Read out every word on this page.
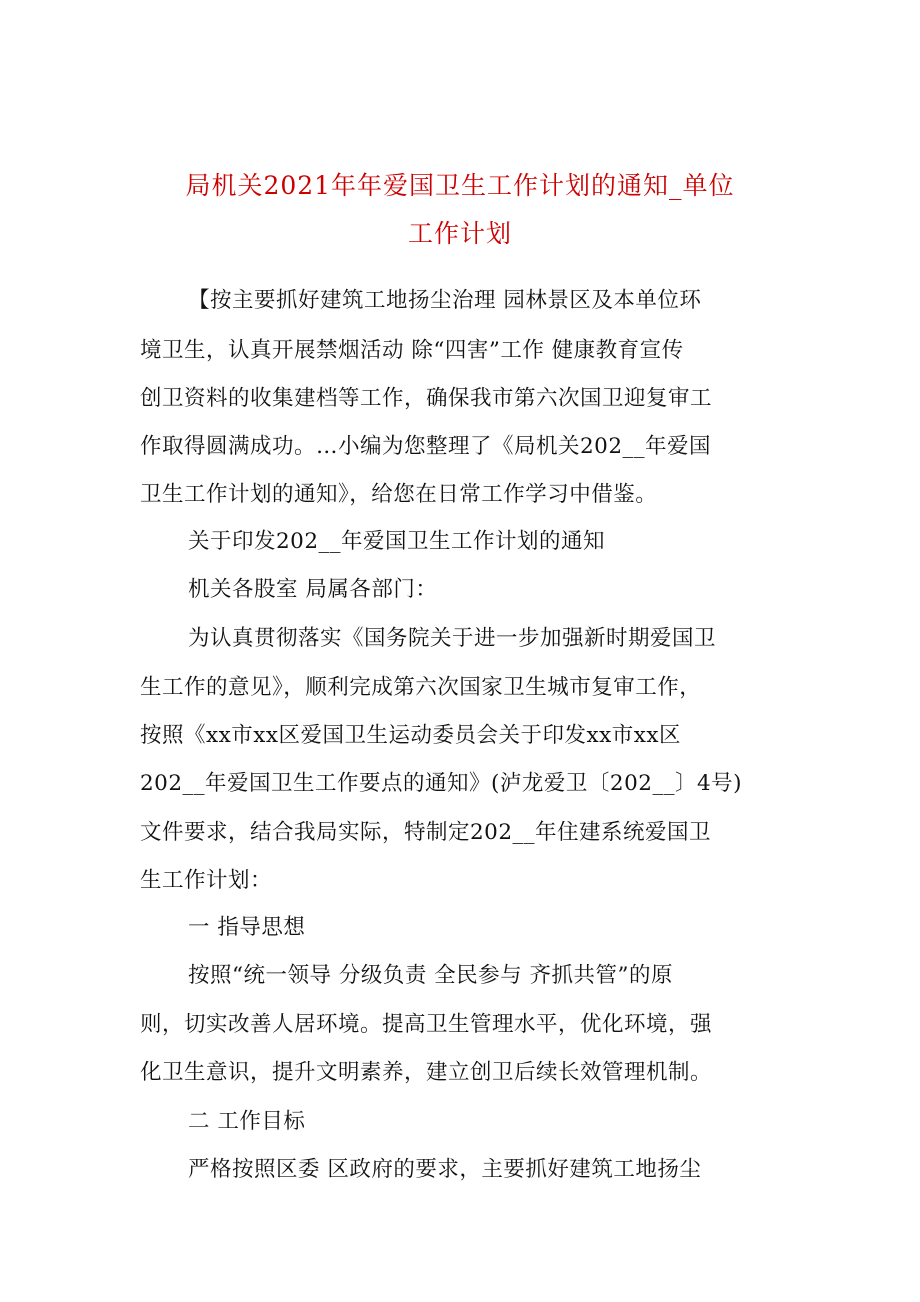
局机关2021年年爱国卫生工作计划的通知_单位
工作计划
【按主要抓好建筑工地扬尘治理 园林景区及本单位环
境卫生，认真开展禁烟活动 除“四害”工作 健康教育宣传
创卫资料的收集建档等工作，确保我市第六次国卫迎复审工
作取得圆满成功。…小编为您整理了《局机关202__年爱国
卫生工作计划的通知》，给您在日常工作学习中借鉴。
关于印发202__年爱国卫生工作计划的通知
机关各股室 局属各部门：
为认真贯彻落实《国务院关于进一步加强新时期爱国卫
生工作的意见》，顺利完成第六次国家卫生城市复审工作，
按照《xx市xx区爱国卫生运动委员会关于印发xx市xx区
202__年爱国卫生工作要点的通知》(泸龙爱卫〔202__〕4号)
文件要求，结合我局实际，特制定202__年住建系统爱国卫
生工作计划：
一 指导思想
按照“统一领导 分级负责 全民参与 齐抓共管”的原
则，切实改善人居环境。提高卫生管理水平，优化环境，强
化卫生意识，提升文明素养，建立创卫后续长效管理机制。
二 工作目标
严格按照区委 区政府的要求，主要抓好建筑工地扬尘
